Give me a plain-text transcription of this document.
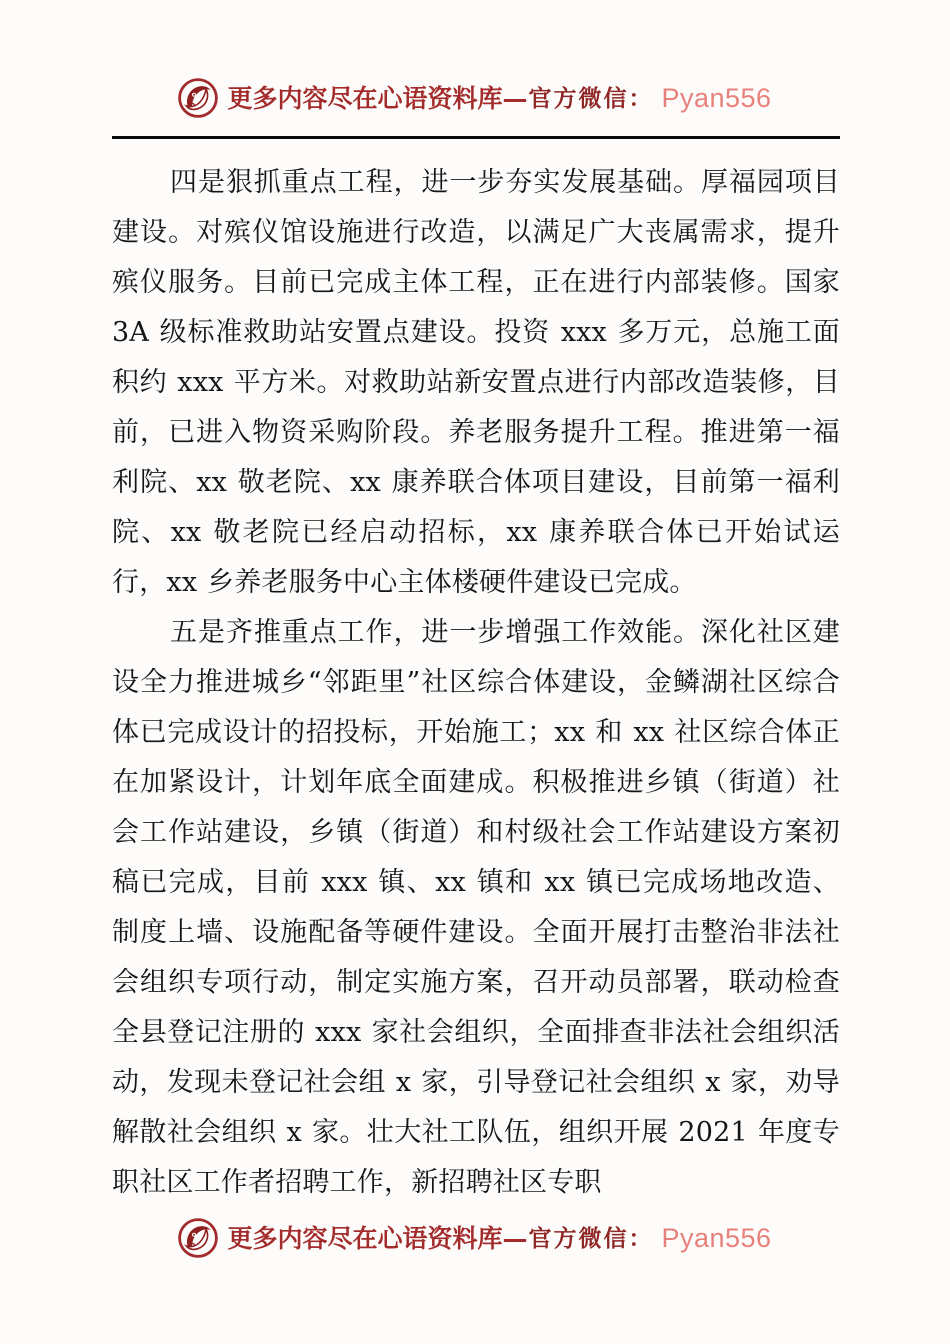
更多内容尽在心语资料库— 官方微信： Pyan556

四是狠抓重点工程，进一步夯实发展基础。厚福园项目建设。对殡仪馆设施进行改造，以满足广大丧属需求，提升殡仪服务。目前已完成主体工程，正在进行内部装修。国家 3A 级标准救助站安置点建设。投资 xxx 多万元，总施工面积约 xxx 平方米。对救助站新安置点进行内部改造装修，目前，已进入物资采购阶段。养老服务提升工程。推进第一福利院、xx 敬老院、xx 康养联合体项目建设，目前第一福利院、xx 敬老院已经启动招标，xx 康养联合体已开始试运行，xx 乡养老服务中心主体楼硬件建设已完成。

五是齐推重点工作，进一步增强工作效能。深化社区建设全力推进城乡“邻距里”社区综合体建设，金鳞湖社区综合体已完成设计的招投标，开始施工；xx 和 xx 社区综合体正在加紧设计，计划年底全面建成。积极推进乡镇（街道）社会工作站建设，乡镇（街道）和村级社会工作站建设方案初稿已完成，目前 xxx 镇、xx 镇和 xx 镇已完成场地改造、制度上墙、设施配备等硬件建设。全面开展打击整治非法社会组织专项行动，制定实施方案，召开动员部署，联动检查全县登记注册的 xxx 家社会组织，全面排查非法社会组织活动，发现未登记社会组 x 家，引导登记社会组织 x 家，劝导解散社会组织 x 家。壮大社工队伍，组织开展 2021 年度专职社区工作者招聘工作，新招聘社区专职

更多内容尽在心语资料库— 官方微信： Pyan556
